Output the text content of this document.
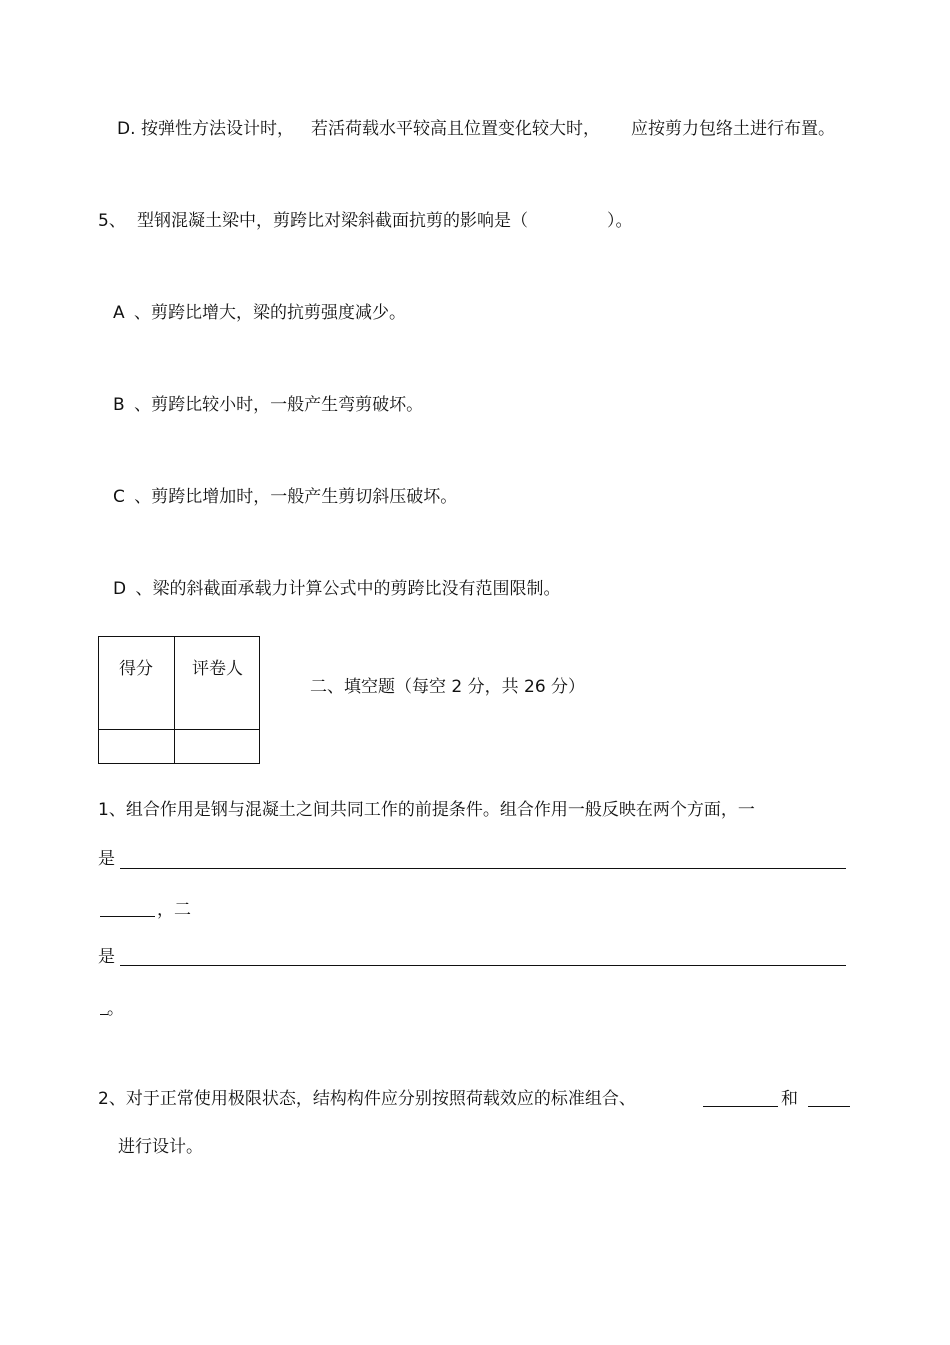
D. 按弹性方法设计时， 若活荷载水平较高且位置变化较大时， 应按剪力包络土进行布置。
5、 型钢混凝土梁中，剪跨比对梁斜截面抗剪的影响是（	）。
A 、剪跨比增大，梁的抗剪强度减少。
B 、剪跨比较小时，一般产生弯剪破坏。
C 、剪跨比增加时，一般产生剪切斜压破坏。
D 、梁的斜截面承载力计算公式中的剪跨比没有范围限制。
得分 评卷人
二、填空题（每空 2 分，共 26 分）
1、组合作用是钢与混凝土之间共同工作的前提条件。组合作用一般反映在两个方面，一
是
，二
是
。
2、对于正常使用极限状态，结构构件应分别按照荷载效应的标准组合、	和
进行设计。
